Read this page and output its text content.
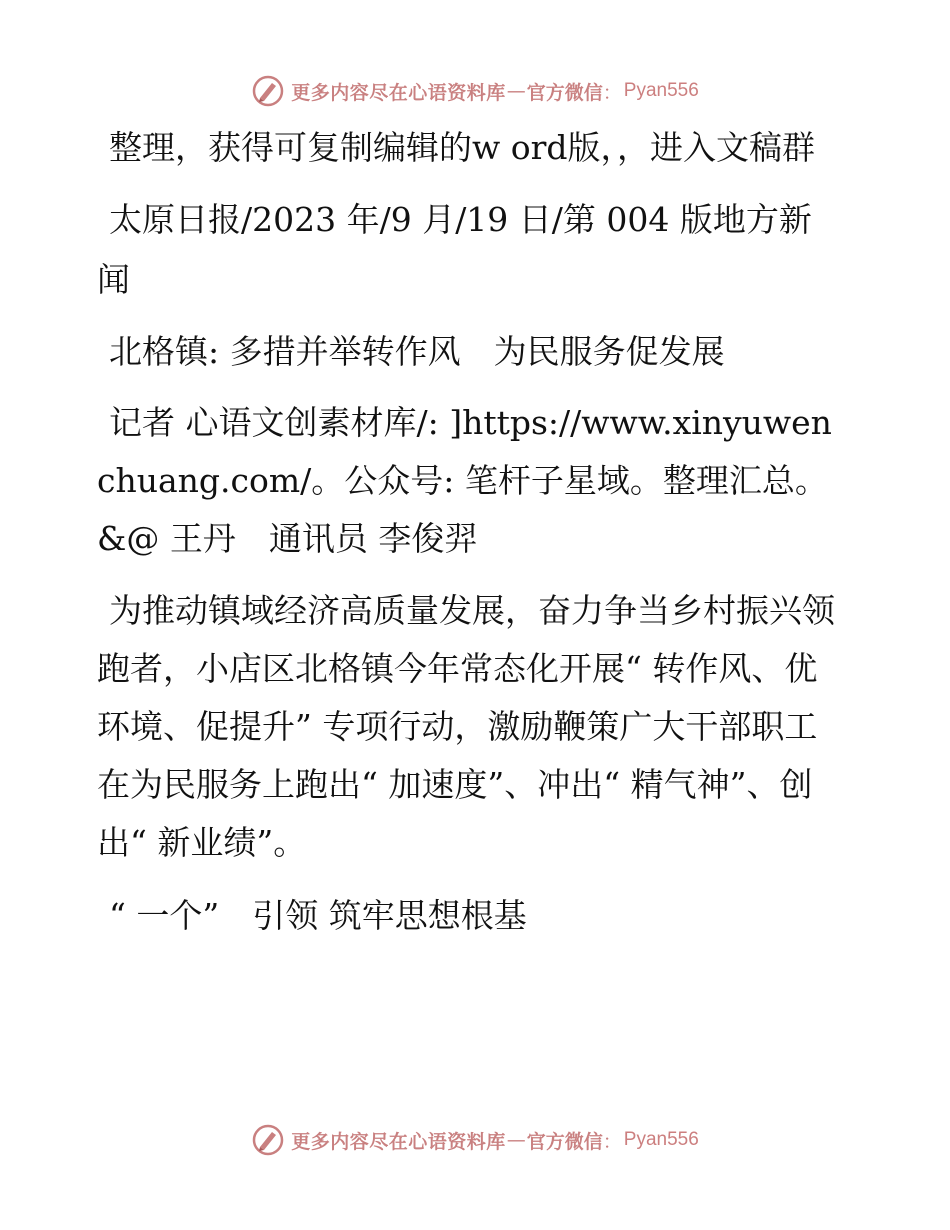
更多内容尽在心语资料库 — 官方微信 ： Pyan556

整理，获得可复制编辑的w ord版，，进入文稿群

太原日报/2023 年/9 月/19 日/第 004 版地方新闻

北格镇: 多措并举转作风　为民服务促发展

记者 心语文创素材库/: ]https://www.xinyuwenchuang.com/。公众号: 笔杆子星域。整理汇总。&@ 王丹　通讯员 李俊羿

为推动镇域经济高质量发展，奋力争当乡村振兴领跑者，小店区北格镇今年常态化开展“ 转作风、优环境、促提升” 专项行动，激励鞭策广大干部职工在为民服务上跑出“ 加速度”、冲出“ 精气神”、创出“ 新业绩”。

“ 一个”　引领 筑牢思想根基

更多内容尽在心语资料库 — 官方微信 ： Pyan556
